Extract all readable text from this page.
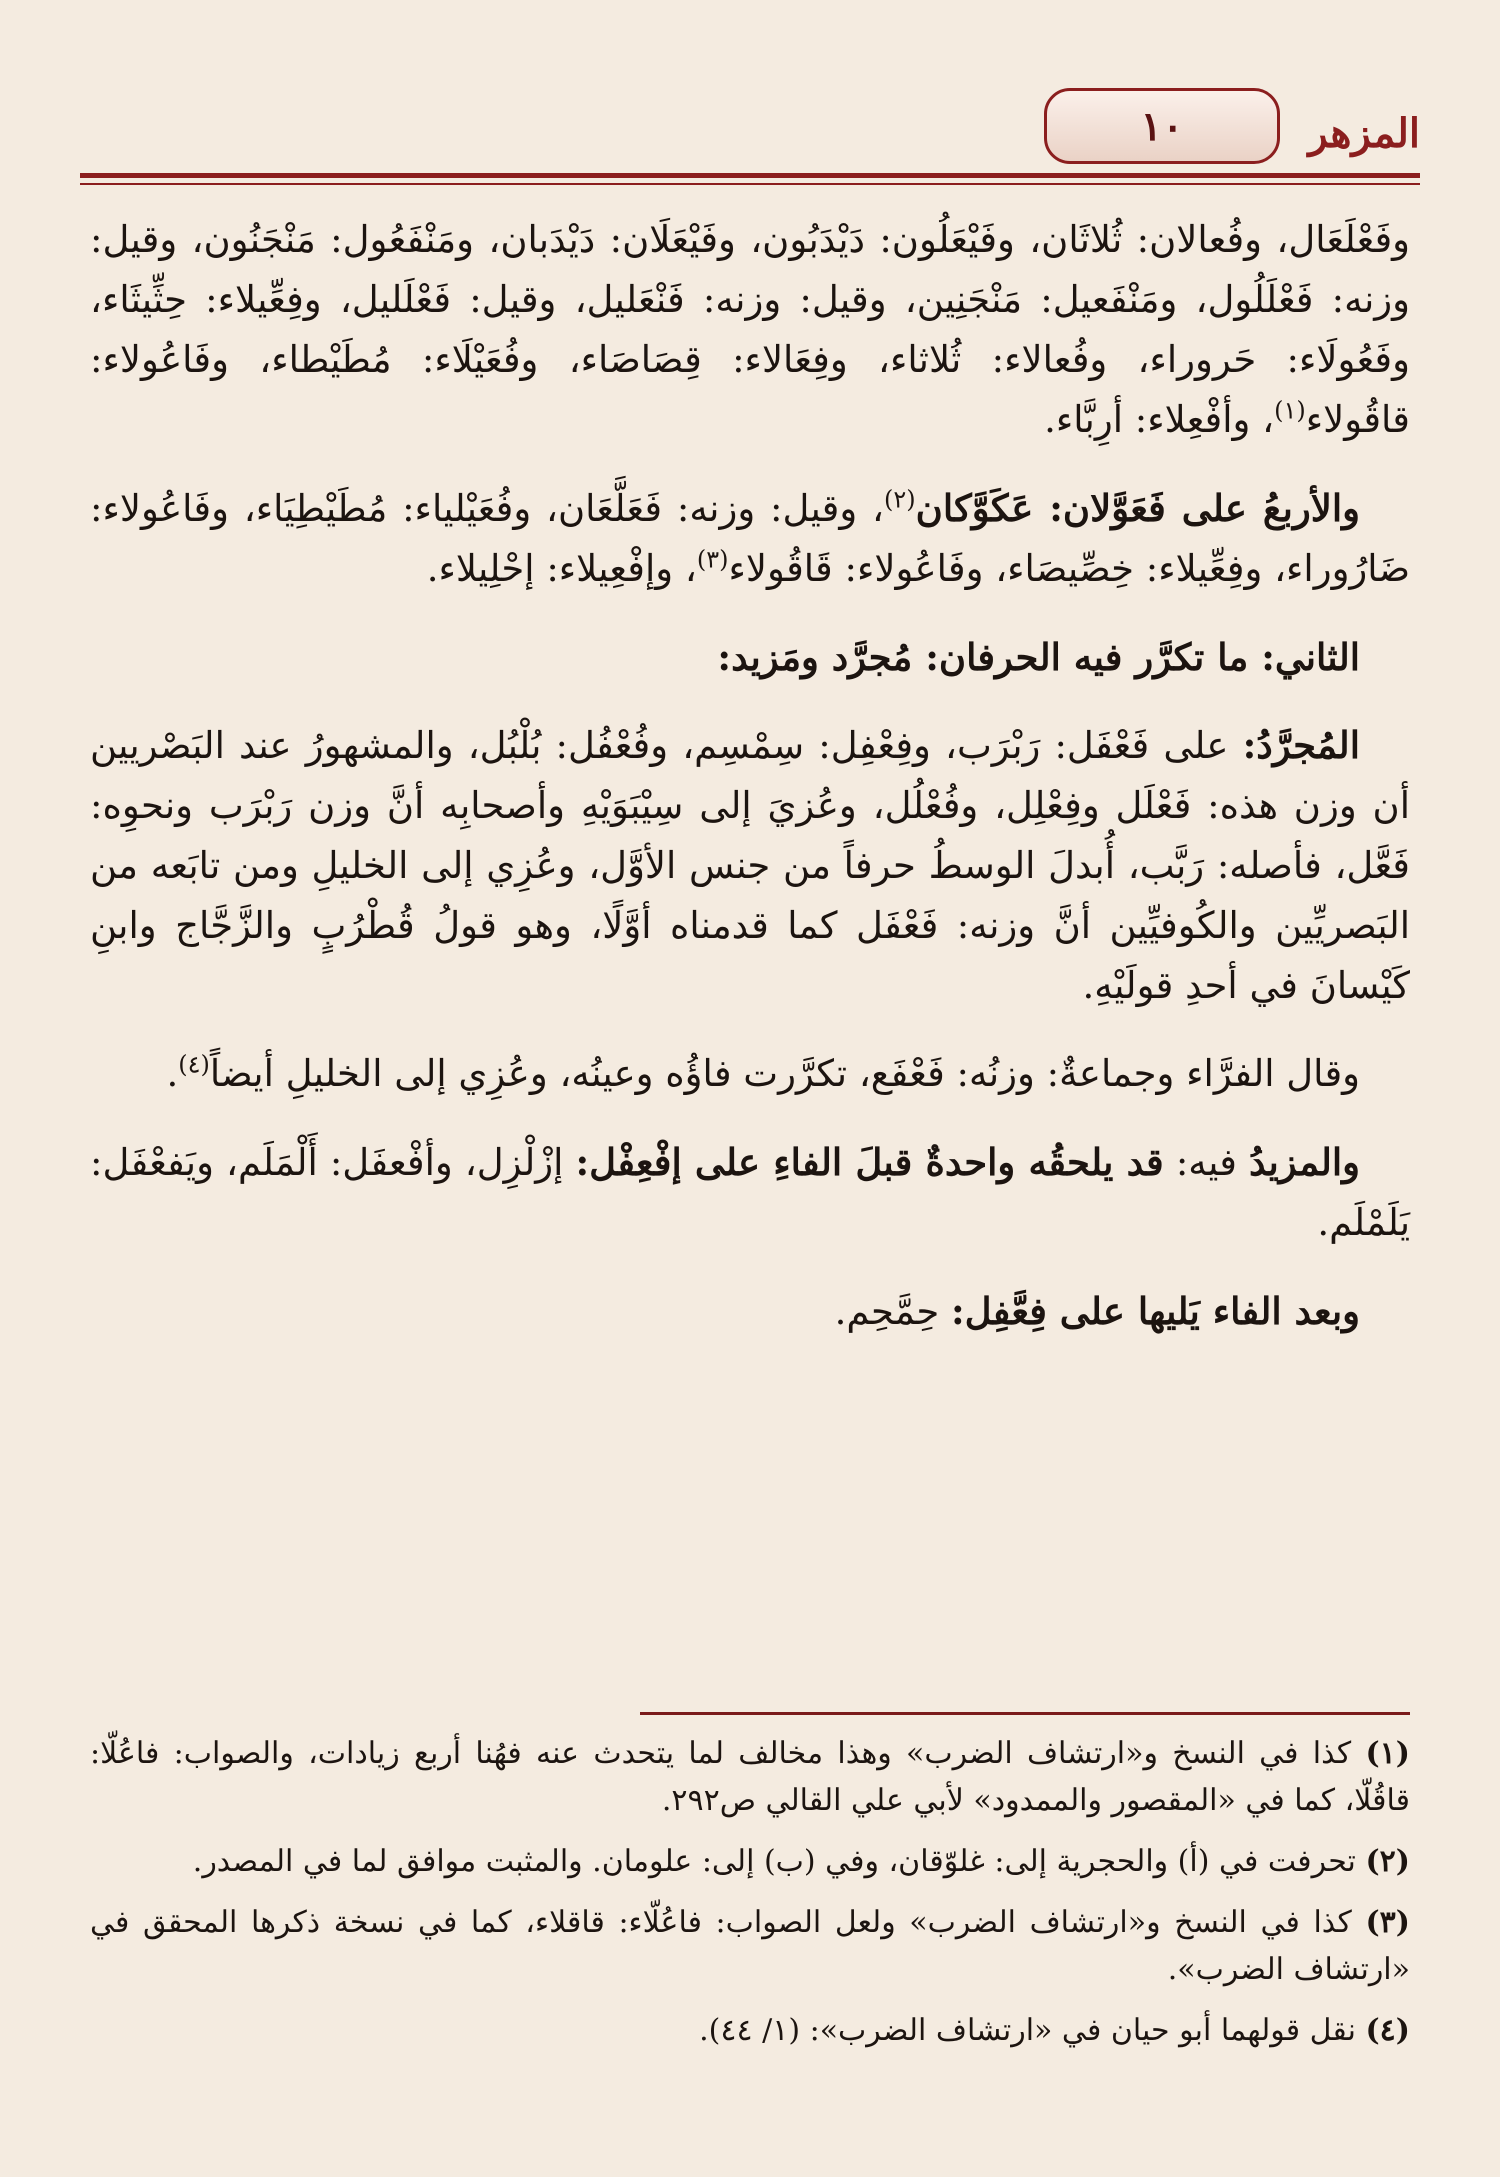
المزهر
١٠

وفَعْلَعَال، وفُعالان: ثُلاثَان، وفَيْعَلُون: دَيْدَبُون، وفَيْعَلَان: دَيْدَبان، ومَنْفَعُول: مَنْجَنُون، وقيل: وزنه: فَعْلَلُول، ومَنْفَعيل: مَنْجَنِين، وقيل: وزنه: فَنْعَليل، وقيل: فَعْلَليل، وفِعِّيلاء: حِثِّيثَاء، وفَعُولَاء: حَروراء، وفُعالاء: ثُلاثاء، وفِعَالاء: قِصَاصَاء، وفُعَيْلَاء: مُطَيْطاء، وفَاعُولاء: قاقُولاء$^{(١)}$، وأفْعِلاء: أرِبَّاء.

والأربعُ على فَعَوَّلان: عَكَوَّكان$^{(٢)}$، وقيل: وزنه: فَعَلَّعَان، وفُعَيْلياء: مُطَيْطِيَاء، وفَاعُولاء: ضَارُوراء، وفِعِّيلاء: خِصِّيصَاء، وفَاعُولاء: قَاقُولاء$^{(٣)}$، وإفْعِيلاء: إحْلِيلاء.

الثاني: ما تكرَّر فيه الحرفان: مُجرَّد ومَزيد:

المُجرَّدُ: على فَعْفَل: رَبْرَب، وفِعْفِل: سِمْسِم، وفُعْفُل: بُلْبُل، والمشهورُ عند البَصْريين أن وزن هذه: فَعْلَل وفِعْلِل، وفُعْلُل، وعُزيَ إلى سِيْبَوَيْهِ وأصحابِه أنَّ وزن رَبْرَب ونحوِه: فَعَّل، فأصله: رَبَّب، أُبدلَ الوسطُ حرفاً من جنس الأوَّل، وعُزِي إلى الخليلِ ومن تابَعه من البَصريِّين والكُوفيِّين أنَّ وزنه: فَعْفَل كما قدمناه أوَّلًا، وهو قولُ قُطْرُبٍ والزَّجَّاج وابنِ كَيْسانَ في أحدِ قولَيْهِ.

وقال الفرَّاء وجماعةٌ: وزنُه: فَعْفَع، تكرَّرت فاؤُه وعينُه، وعُزِي إلى الخليلِ أيضاً$^{(٤)}$.

والمزيدُ فيه: قد يلحقُه واحدةٌ قبلَ الفاءِ على إفْعِفْل: إزْلْزِل، وأفْعفَل: أَلْمَلَم، ويَفعْفَل: يَلَمْلَم.

وبعد الفاء يَليها على فِعَّفِل: حِمَّحِم.

(١) كذا في النسخ و«ارتشاف الضرب» وهذا مخالف لما يتحدث عنه فهُنا أربع زيادات، والصواب: فاعُلّا: قاقُلّا، كما في «المقصور والممدود» لأبي علي القالي ص٢٩٢.

(٢) تحرفت في (أ) والحجرية إلى: غلوّقان، وفي (ب) إلى: علومان. والمثبت موافق لما في المصدر.

(٣) كذا في النسخ و«ارتشاف الضرب» ولعل الصواب: فاعُلّاء: قاقلاء، كما في نسخة ذكرها المحقق في «ارتشاف الضرب».

(٤) نقل قولهما أبو حيان في «ارتشاف الضرب»: (١/ ٤٤).
